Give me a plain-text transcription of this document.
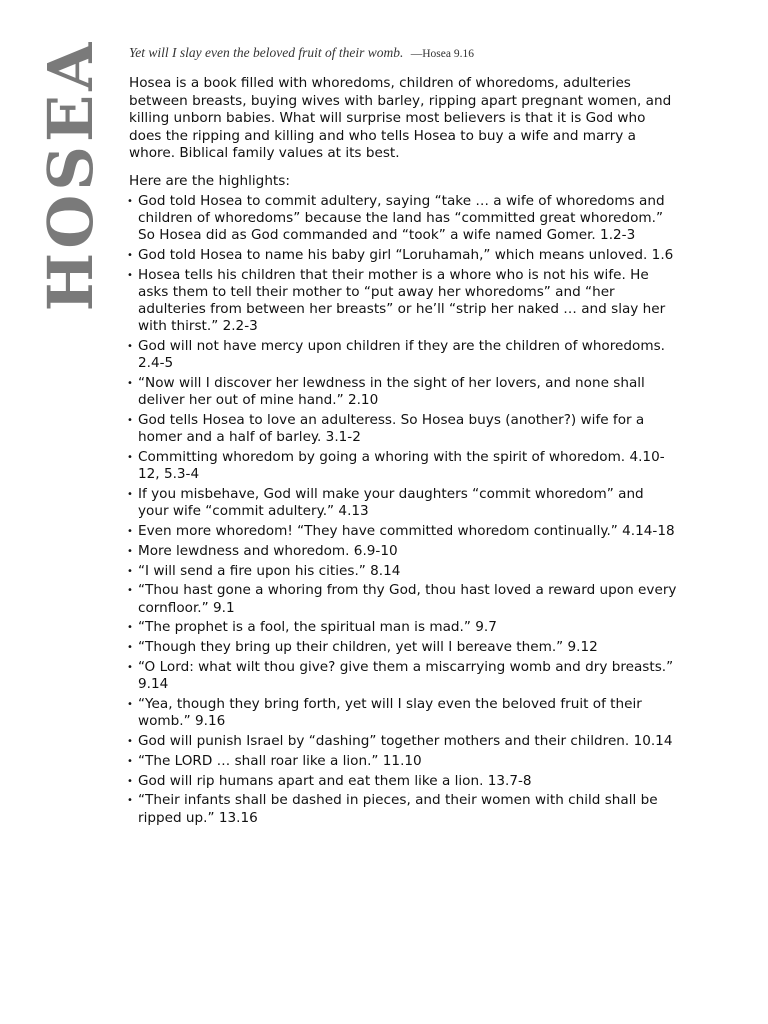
HOSEA Yet will I slay even the beloved fruit of their womb. —Hosea 9.16

Hosea is a book filled with whoredoms, children of whoredoms, adulteries between breasts, buying wives with barley, ripping apart pregnant women, and killing unborn babies. What will surprise most believers is that it is God who does the ripping and killing and who tells Hosea to buy a wife and marry a whore. Biblical family values at its best.

Here are the highlights:

• God told Hosea to commit adultery, saying “take … a wife of whoredoms and children of whoredoms” because the land has “committed great whoredom.” So Hosea did as God commanded and “took” a wife named Gomer. 1.2-3
• God told Hosea to name his baby girl “Loruhamah,” which means unloved. 1.6
• Hosea tells his children that their mother is a whore who is not his wife. He asks them to tell their mother to “put away her whoredoms” and “her adulteries from between her breasts” or he’ll “strip her naked … and slay her with thirst.” 2.2-3
• God will not have mercy upon children if they are the children of whoredoms. 2.4-5
• “Now will I discover her lewdness in the sight of her lovers, and none shall deliver her out of mine hand.” 2.10
• God tells Hosea to love an adulteress. So Hosea buys (another?) wife for a homer and a half of barley. 3.1-2
• Committing whoredom by going a whoring with the spirit of whoredom. 4.10-12, 5.3-4
• If you misbehave, God will make your daughters “commit whoredom” and your wife “commit adultery.” 4.13
• Even more whoredom! “They have committed whoredom continually.” 4.14-18
• More lewdness and whoredom. 6.9-10
• “I will send a fire upon his cities.” 8.14
• “Thou hast gone a whoring from thy God, thou hast loved a reward upon every cornfloor.” 9.1
• “The prophet is a fool, the spiritual man is mad.” 9.7
• “Though they bring up their children, yet will I bereave them.” 9.12
• “O Lord: what wilt thou give? give them a miscarrying womb and dry breasts.” 9.14
• “Yea, though they bring forth, yet will I slay even the beloved fruit of their womb.” 9.16
• God will punish Israel by “dashing” together mothers and their children. 10.14
• “The LORD … shall roar like a lion.” 11.10
• God will rip humans apart and eat them like a lion. 13.7-8
• “Their infants shall be dashed in pieces, and their women with child shall be ripped up.” 13.16
